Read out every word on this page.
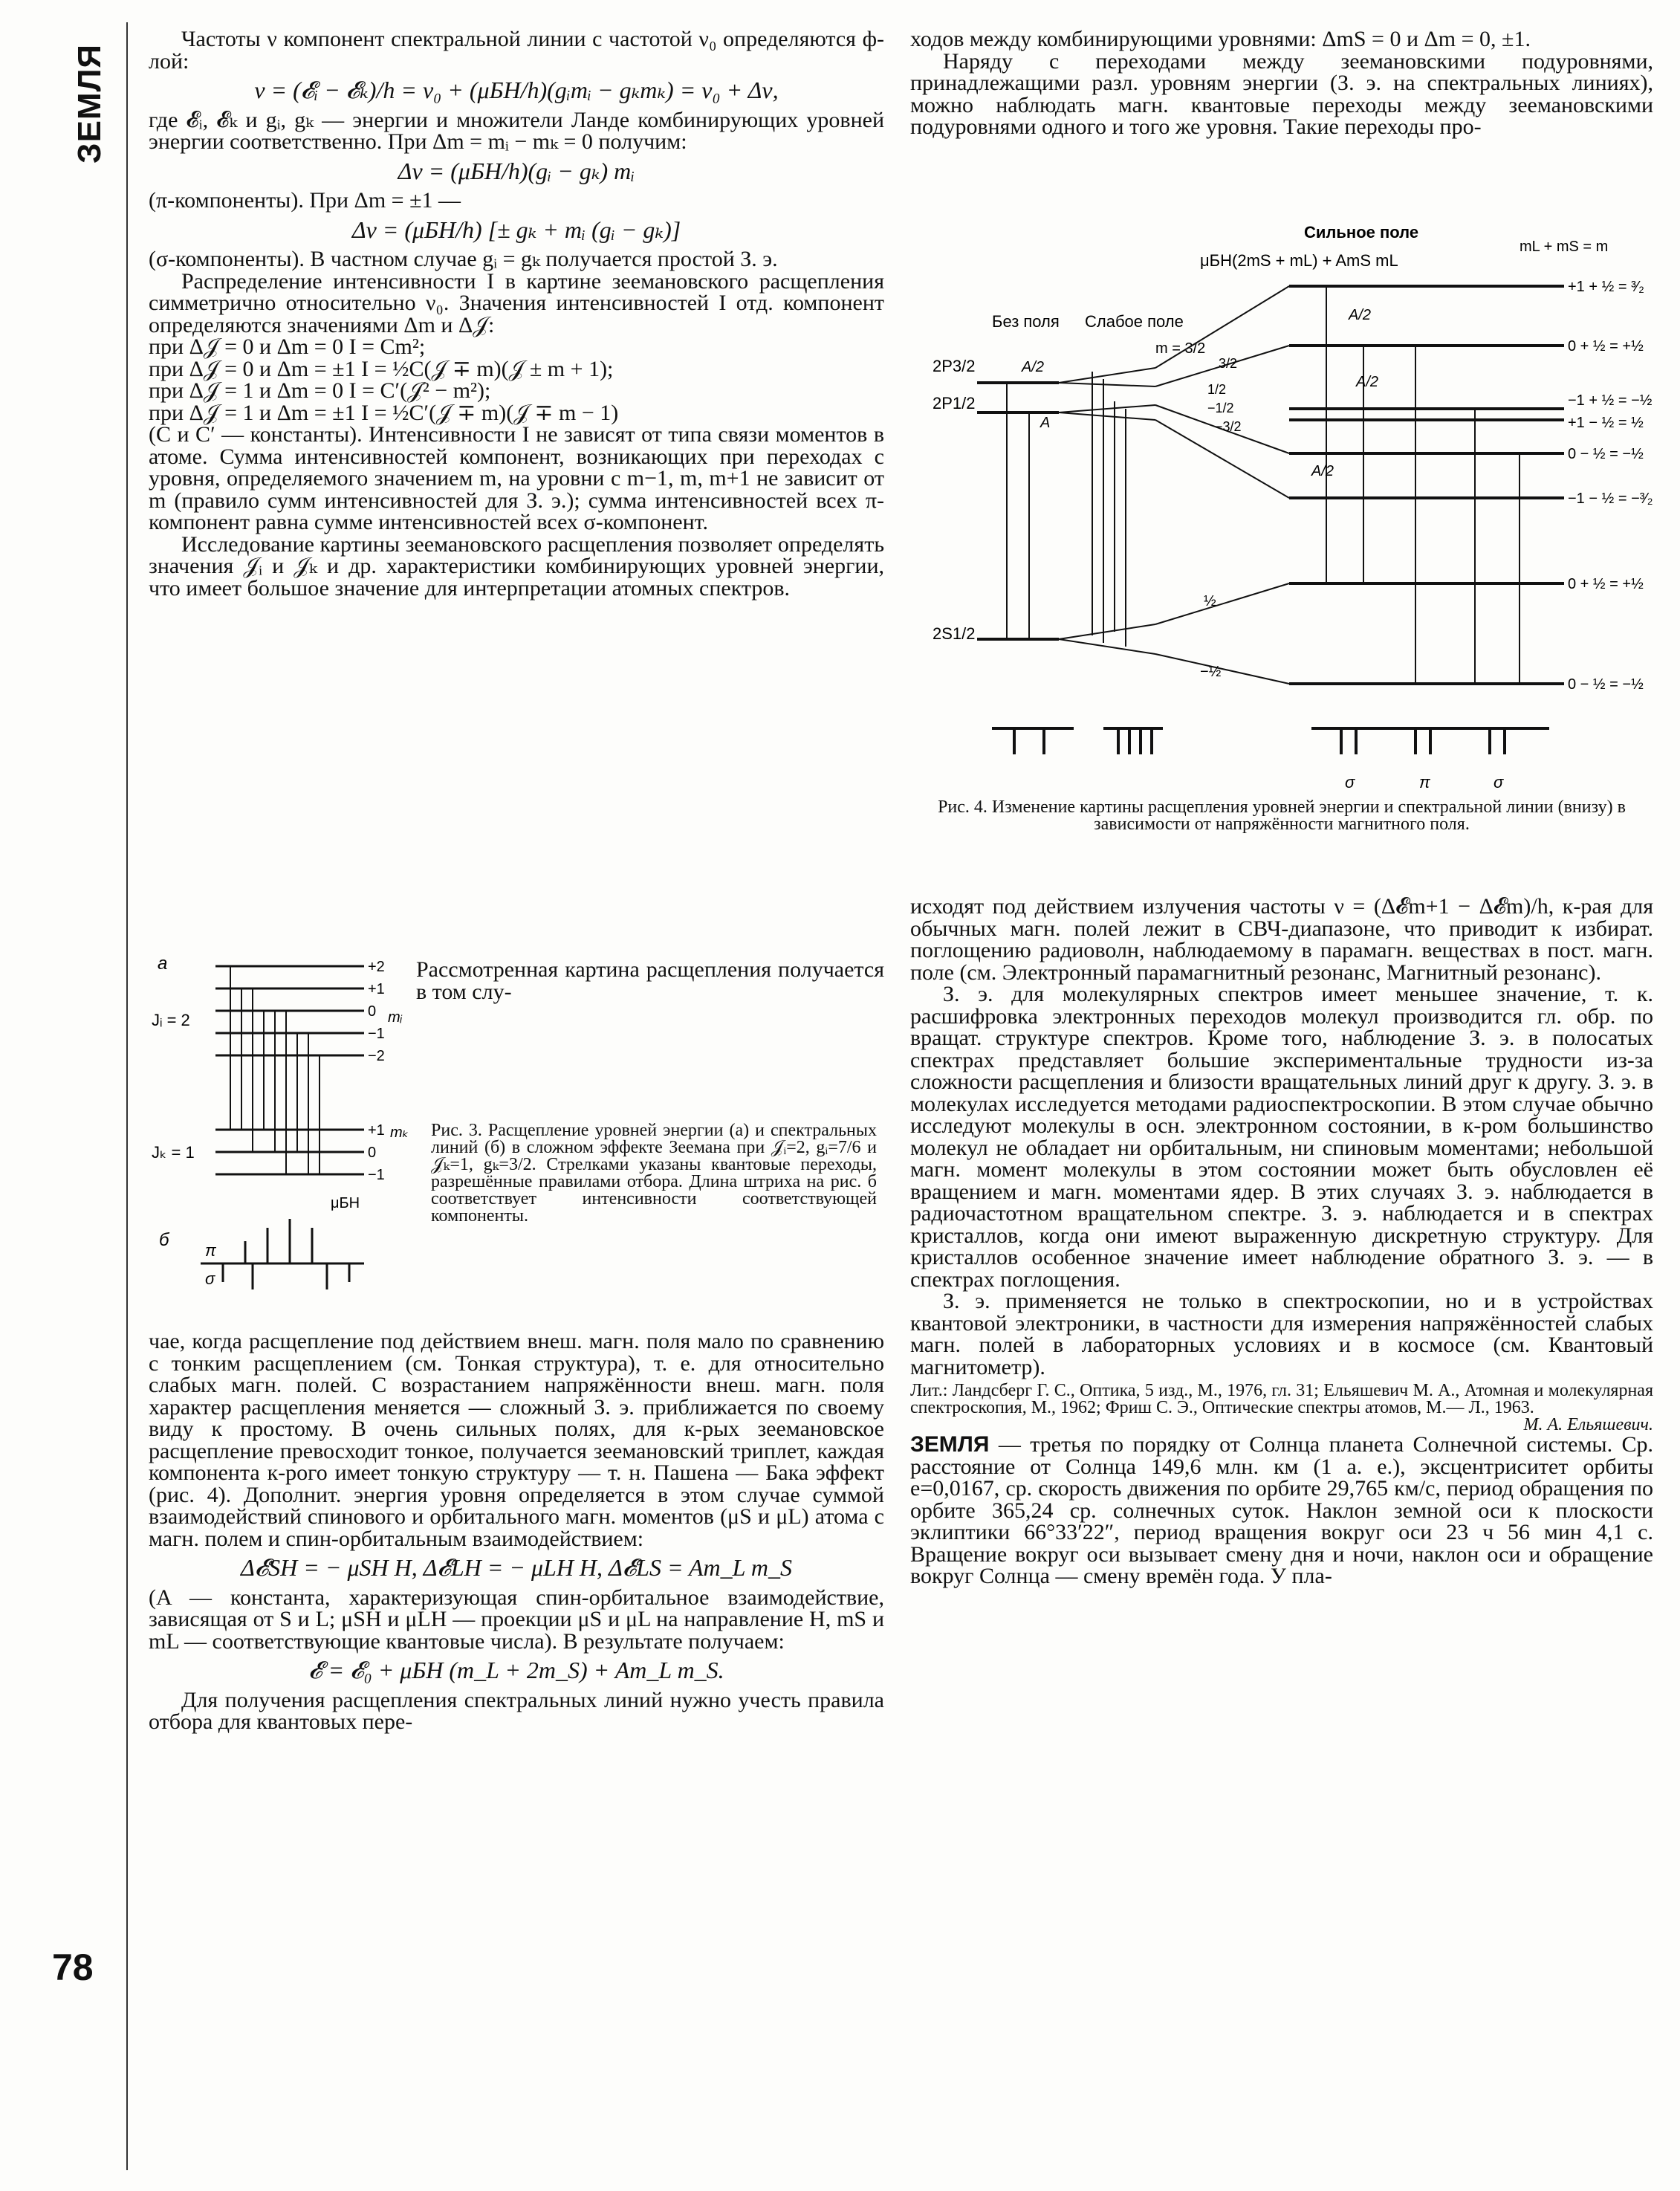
ЗЕМЛЯ
78

Частоты ν компонент спектральной линии с частотой ν₀ определяются ф-лой:

ν = (𝓔ᵢ − 𝓔ₖ)/h = ν₀ + (μБH/h)(gᵢmᵢ − gₖmₖ) = ν₀ + Δν,

где 𝓔ᵢ, 𝓔ₖ и gᵢ, gₖ — энергии и множители Ланде комбинирующих уровней энергии соответственно. При Δm = mᵢ − mₖ = 0 получим:

Δν = (μБH/h)(gᵢ − gₖ) mᵢ

(π-компоненты). При Δm = ±1 —

Δν = (μБH/h) [± gₖ + mᵢ (gᵢ − gₖ)]

(σ-компоненты). В частном случае gᵢ = gₖ получается простой З. э.

Распределение интенсивности I в картине зеемановского расщепления симметрично относительно ν₀. Значения интенсивностей I отд. компонент определяются значениями Δm и Δ𝒥:

при Δ𝒥 = 0 и Δm = 0 I = Cm²;
при Δ𝒥 = 0 и Δm = ±1 I = ½C(𝒥 ∓ m)(𝒥 ± m + 1);
при Δ𝒥 = 1 и Δm = 0 I = C′(𝒥² − m²);
при Δ𝒥 = 1 и Δm = ±1 I = ½C′(𝒥 ∓ m)(𝒥 ∓ m − 1)

(C и C′ — константы). Интенсивности I не зависят от типа связи моментов в атоме. Сумма интенсивностей компонент, возникающих при переходах с уровня, определяемого значением m, на уровни с m−1, m, m+1 не зависит от m (правило сумм интенсивностей для З. э.); сумма интенсивностей всех π-компонент равна сумме интенсивностей всех σ-компонент.

Исследование картины зеемановского расщепления позволяет определять значения 𝒥ᵢ и 𝒥ₖ и др. характеристики комбинирующих уровней энергии, что имеет большое значение для интерпретации атомных спектров.

а
Jᵢ = 2
Jₖ = 1
б
+2
+1
0
−1
−2
mᵢ
+1
0
−1
mₖ
μБH
π
σ

Рассмотренная картина расщепления получается в том слу-

Рис. 3. Расщепление уровней энергии (а) и спектральных линий (б) в сложном эффекте Зеемана при 𝒥ᵢ=2, gᵢ=7/6 и 𝒥ₖ=1, gₖ=3/2. Стрелками указаны квантовые переходы, разрешённые правилами отбора. Длина штриха на рис. б соответствует интенсивности соответствующей компоненты.

чае, когда расщепление под действием внеш. магн. поля мало по сравнению с тонким расщеплением (см. Тонкая структура), т. е. для относительно слабых магн. полей. С возрастанием напряжённости внеш. магн. поля характер расщепления меняется — сложный З. э. приближается по своему виду к простому. В очень сильных полях, для к-рых зеемановское расщепление превосходит тонкое, получается зеемановский триплет, каждая компонента к-рого имеет тонкую структуру — т. н. Пашена — Бака эффект (рис. 4). Дополнит. энергия уровня определяется в этом случае суммой взаимодействий спинового и орбитального магн. моментов (μS и μL) атома с магн. полем и спин-орбитальным взаимодействием:

Δ𝓔SH = − μSH H, Δ𝓔LH = − μLH H, Δ𝓔LS = Am_L m_S

(A — константа, характеризующая спин-орбитальное взаимодействие, зависящая от S и L; μSH и μLH — проекции μS и μL на направление H, mS и mL — соответствующие квантовые числа). В результате получаем:

𝓔 = 𝓔₀ + μБH (m_L + 2m_S) + Am_L m_S.

Для получения расщепления спектральных линий нужно учесть правила отбора для квантовых пере-

ходов между комбинирующими уровнями: ΔmS = 0 и Δm = 0, ±1.

Наряду с переходами между зеемановскими подуровнями, принадлежащими разл. уровням энергии (З. э. на спектральных линиях), можно наблюдать магн. квантовые переходы между зеемановскими подуровнями одного и того же уровня. Такие переходы про-

Сильное поле
μБH(2mS + mL) + AmS mL
mL + mS = m
Без поля Слабое поле
m = 3/2
2P3/2
2P1/2
2S1/2
A
A/2
A/2
A/2
A/2
3/2
1/2
−1/2
−3/2
½
−½
+1 + ½ = ³⁄₂
0 + ½ = +½
−1 + ½ = −½
+1 − ½ = ½
0 − ½ = −½
−1 − ½ = −³⁄₂
0 + ½ = +½
0 − ½ = −½
σ	π	σ

Рис. 4. Изменение картины расщепления уровней энергии и спектральной линии (внизу) в зависимости от напряжённости магнитного поля.

исходят под действием излучения частоты ν = (Δ𝓔m+1 − Δ𝓔m)/h, к-рая для обычных магн. полей лежит в СВЧ-диапазоне, что приводит к избират. поглощению радиоволн, наблюдаемому в парамагн. веществах в пост. магн. поле (см. Электронный парамагнитный резонанс, Магнитный резонанс).

З. э. для молекулярных спектров имеет меньшее значение, т. к. расшифровка электронных переходов молекул производится гл. обр. по вращат. структуре спектров. Кроме того, наблюдение З. э. в полосатых спектрах представляет большие экспериментальные трудности из-за сложности расщепления и близости вращательных линий друг к другу. З. э. в молекулах исследуется методами радиоспектроскопии. В этом случае обычно исследуют молекулы в осн. электронном состоянии, в к-ром большинство молекул не обладает ни орбитальным, ни спиновым моментами; небольшой магн. момент молекулы в этом состоянии может быть обусловлен её вращением и магн. моментами ядер. В этих случаях З. э. наблюдается в радиочастотном вращательном спектре. З. э. наблюдается и в спектрах кристаллов, когда они имеют выраженную дискретную структуру. Для кристаллов особенное значение имеет наблюдение обратного З. э. — в спектрах поглощения.

З. э. применяется не только в спектроскопии, но и в устройствах квантовой электроники, в частности для измерения напряжённостей слабых магн. полей в лабораторных условиях и в космосе (см. Квантовый магнитометр).

Лит.: Ландсберг Г. С., Оптика, 5 изд., М., 1976, гл. 31; Ельяшевич М. А., Атомная и молекулярная спектроскопия, М., 1962; Фриш С. Э., Оптические спектры атомов, М.— Л., 1963.
М. А. Ельяшевич.

ЗЕМЛЯ — третья по порядку от Солнца планета Солнечной системы. Ср. расстояние от Солнца 149,6 млн. км (1 а. е.), эксцентриситет орбиты e=0,0167, ср. скорость движения по орбите 29,765 км/с, период обращения по орбите 365,24 ср. солнечных суток. Наклон земной оси к плоскости эклиптики 66°33′22″, период вращения вокруг оси 23 ч 56 мин 4,1 с. Вращение вокруг оси вызывает смену дня и ночи, наклон оси и обращение вокруг Солнца — смену времён года. У пла-
